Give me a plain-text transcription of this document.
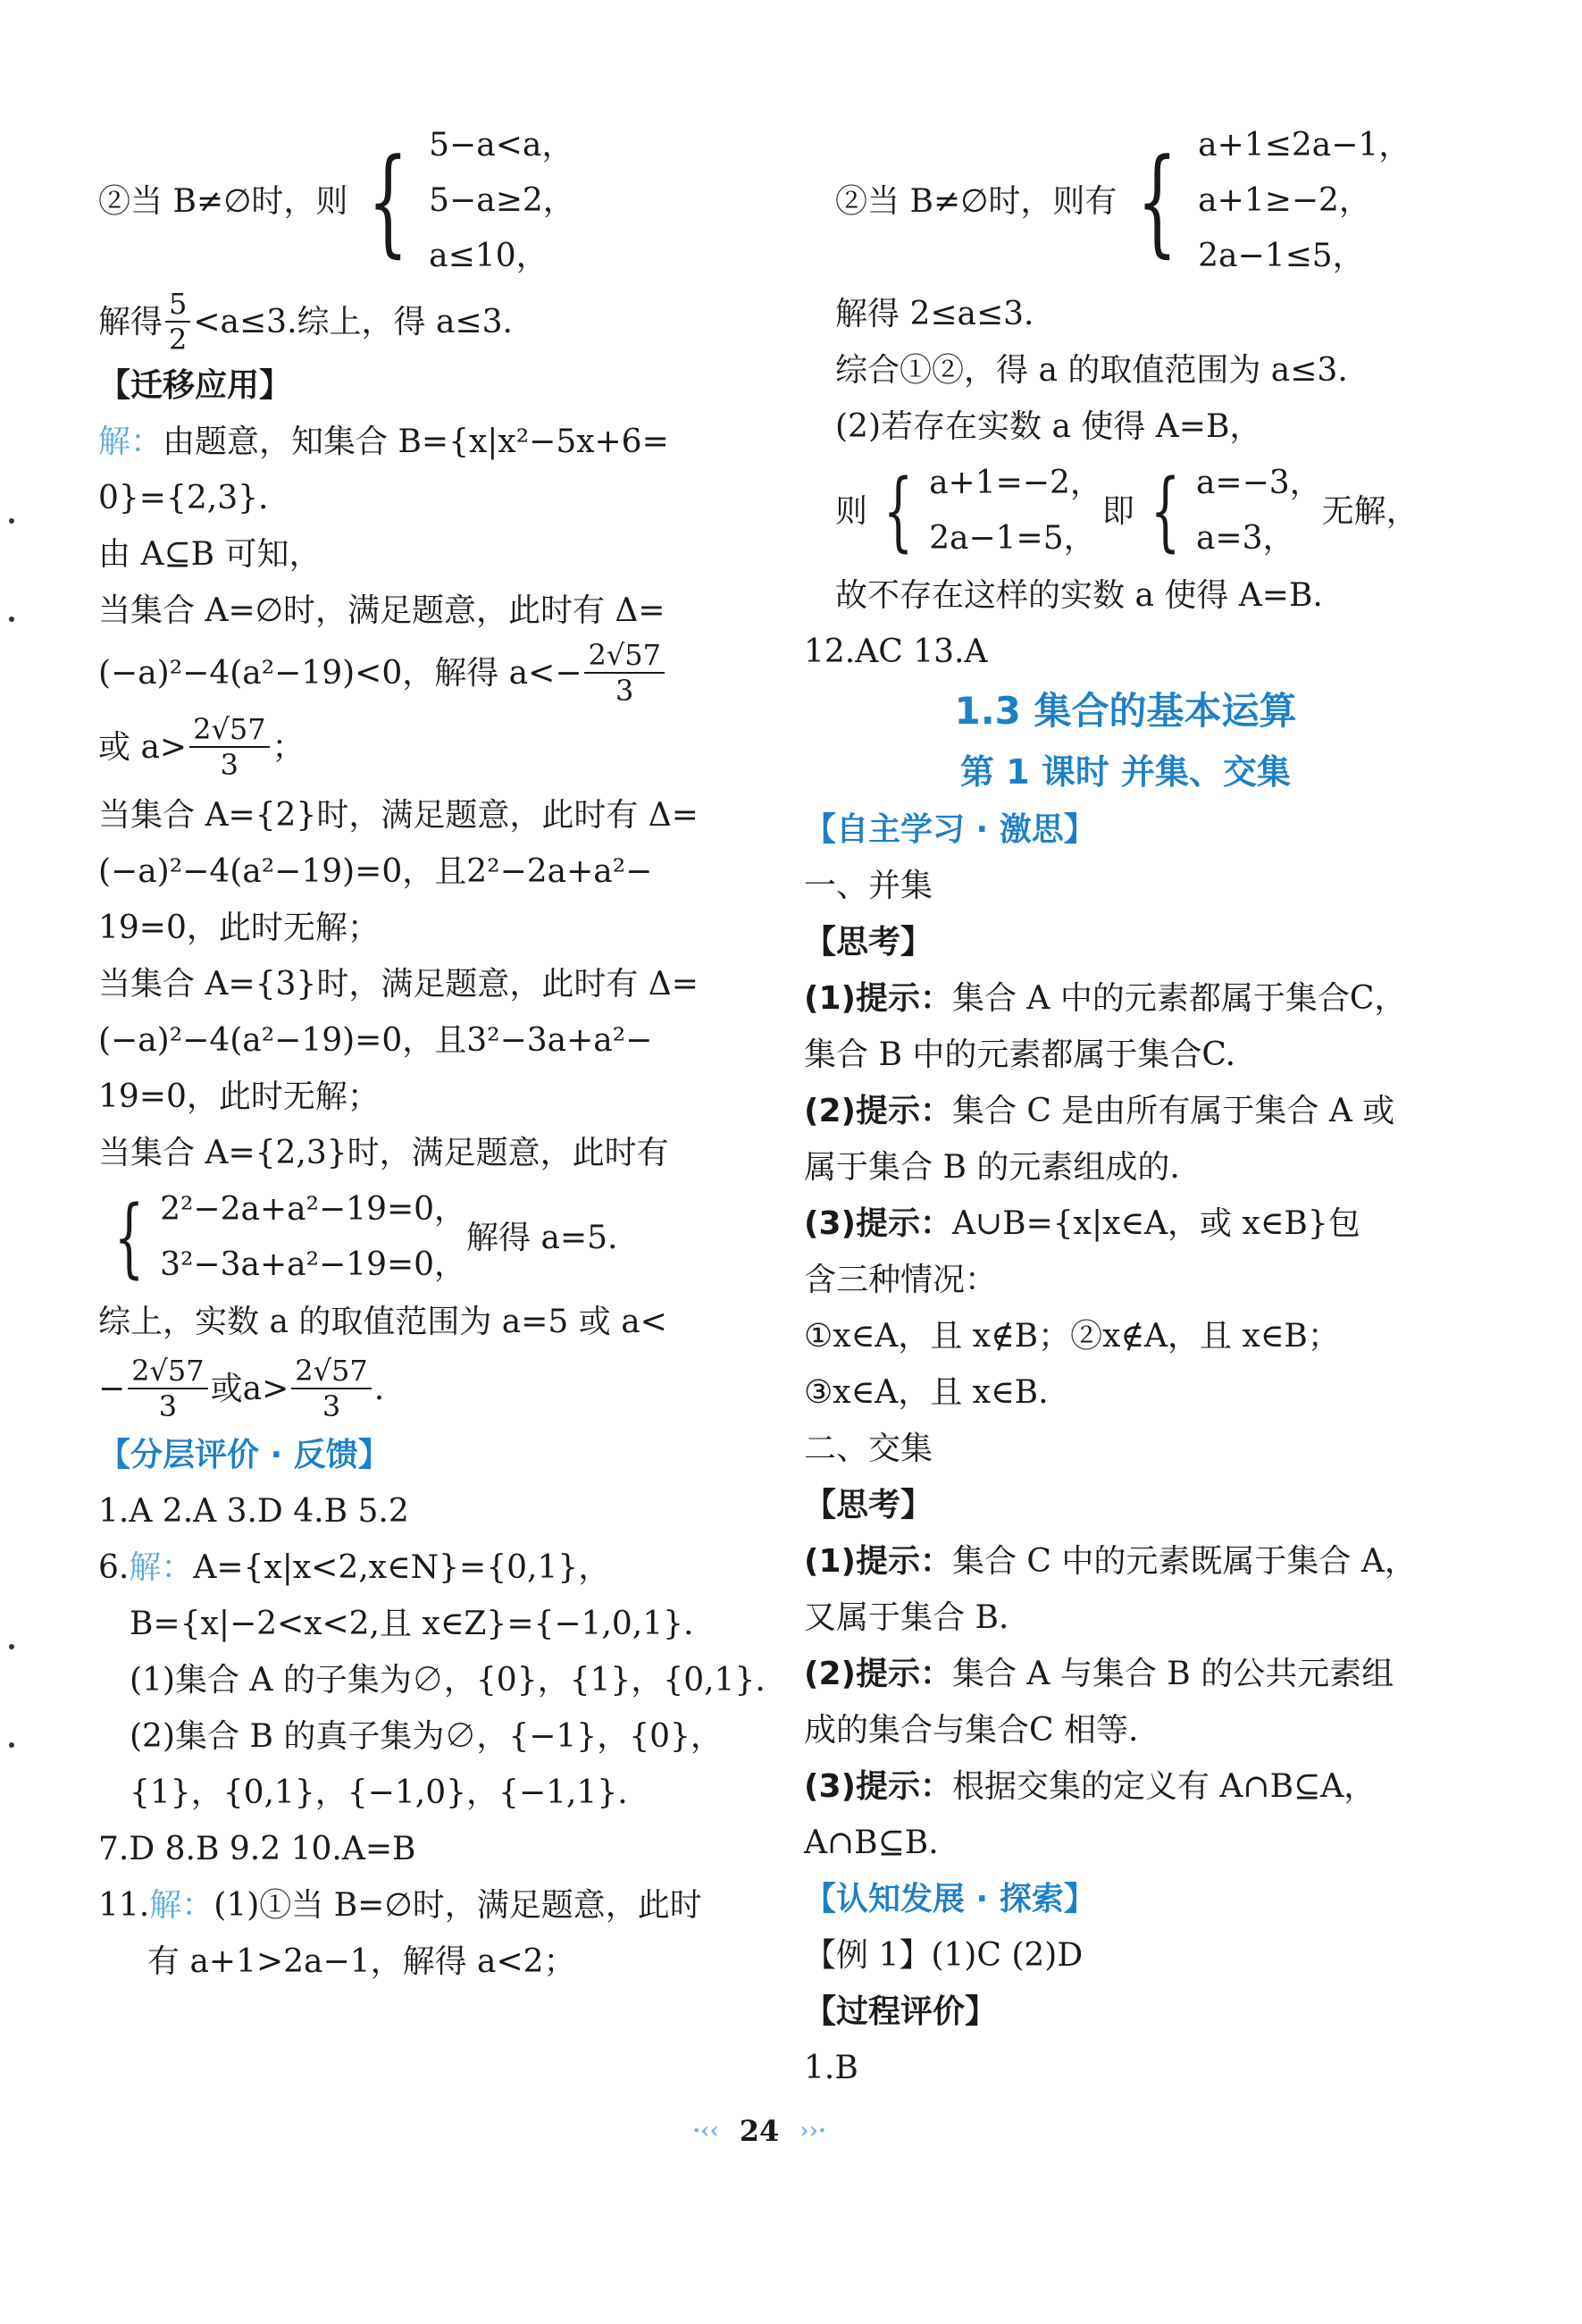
②当 B≠∅时，则 { 5−a<a，
5−a≥2，
a≤10，
解得 $\frac{5}{2} <a\le 3$.综上，得 a≤3.
【迁移应用】
解：由题意，知集合 B={x|x²−5x+6=
0}={2,3}.
由 A⊆B 可知，
当集合 A=∅时，满足题意，此时有 Δ=
(−a)²−4(a²−19)<0，解得 $a<- \frac{2√57}{3}$
或 $a> \frac{2√57}{3}$ ；
当集合 A={2}时，满足题意，此时有 Δ=
(−a)²−4(a²−19)=0，且2²−2a+a²−
19=0，此时无解；
当集合 A={3}时，满足题意，此时有 Δ=
(−a)²−4(a²−19)=0，且3²−3a+a²−
19=0，此时无解；
当集合 A={2,3}时，满足题意，此时有
{ 2²−2a+a²−19=0，
3²−3a+a²−19=0，
解得 a=5.
综上，实数 a 的取值范围为 a=5 或 a<
− $\frac{2√57}{3}$ 或$a> \frac{2√57}{3}$ .
【分层评价 · 反馈】
1.A 2.A 3.D 4.B 5.2
6.解：A={x|x<2,x∈N}={0,1}，
B={x|−2<x<2,且 x∈Z}={−1,0,1}.
(1)集合 A 的子集为∅，{0}，{1}，{0,1}.
(2)集合 B 的真子集为∅，{−1}，{0}，
{1}，{0,1}，{−1,0}，{−1,1}.
7.D 8.B 9.2 10.A=B
11.解：(1)①当 B=∅时，满足题意，此时
有 a+1>2a−1，解得 a<2；
②当 B≠∅时，则有 { a+1≤2a−1，
a+1≥−2，
2a−1≤5，
解得 2≤a≤3.
综合①②，得 a 的取值范围为 a≤3.
(2)若存在实数 a 使得 A=B，
则 { a+1=−2，
2a−1=5，
即 { a=−3，
a=3，
无解，
故不存在这样的实数 a 使得 A=B.
12.AC 13.A
1.3 集合的基本运算
第 1 课时 并集、交集
【自主学习 · 激思】
一、并集
【思考】
(1)提示：集合 A 中的元素都属于集合C，
集合 B 中的元素都属于集合C.
(2)提示：集合 C 是由所有属于集合 A 或
属于集合 B 的元素组成的.
(3)提示：A∪B={x|x∈A，或 x∈B}包
含三种情况：
①x∈A，且 x∉B；②x∉A，且 x∈B；
③x∈A，且 x∈B.
二、交集
【思考】
(1)提示：集合 C 中的元素既属于集合 A，
又属于集合 B.
(2)提示：集合 A 与集合 B 的公共元素组
成的集合与集合C 相等.
(3)提示：根据交集的定义有 A∩B⊆A，
A∩B⊆B.
【认知发展 · 探索】
【例 1】(1)C (2)D
【过程评价】
1.B
·‹‹ 24 ››·
